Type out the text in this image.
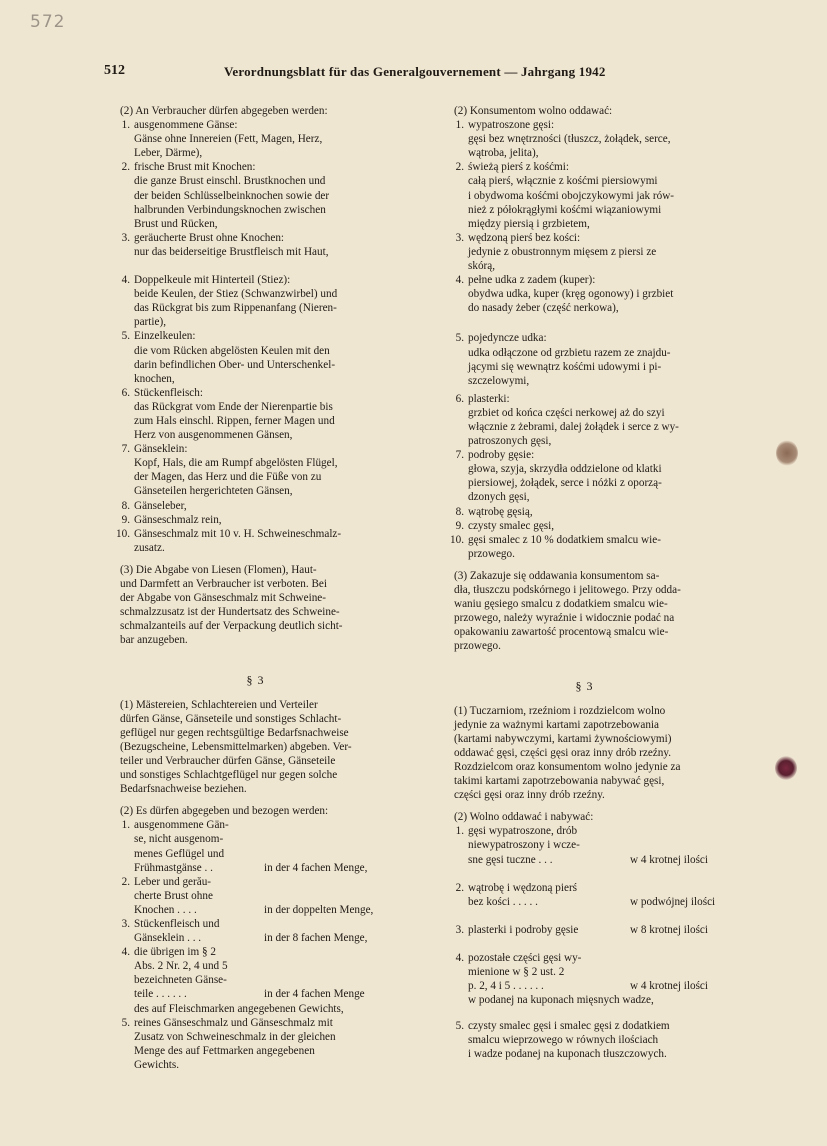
572
512	Verordnungsblatt für das Generalgouvernement — Jahrgang 1942
(2) An Verbraucher dürfen abgegeben werden:
1. ausgenommene Gänse:
Gänse ohne Innereien (Fett, Magen, Herz,
Leber, Därme),
2. frische Brust mit Knochen:
die ganze Brust einschl. Brustknochen und
der beiden Schlüsselbeinknochen sowie der
halbrunden Verbindungsknochen zwischen
Brust und Rücken,
3. geräucherte Brust ohne Knochen:
nur das beiderseitige Brustfleisch mit Haut,
4. Doppelkeule mit Hinterteil (Stiez):
beide Keulen, der Stiez (Schwanzwirbel) und
das Rückgrat bis zum Rippenanfang (Nieren-
partie),
5. Einzelkeulen:
die vom Rücken abgelösten Keulen mit den
darin befindlichen Ober- und Unterschenkel-
knochen,
6. Stückenfleisch:
das Rückgrat vom Ende der Nierenpartie bis
zum Hals einschl. Rippen, ferner Magen und
Herz von ausgenommenen Gänsen,
7. Gänseklein:
Kopf, Hals, die am Rumpf abgelösten Flügel,
der Magen, das Herz und die Füße von zu
Gänseteilen hergerichteten Gänsen,
8. Gänseleber,
9. Gänseschmalz rein,
10. Gänseschmalz mit 10 v. H. Schweineschmalz-
zusatz.
(3) Die Abgabe von Liesen (Flomen), Haut-
und Darmfett an Verbraucher ist verboten. Bei
der Abgabe von Gänseschmalz mit Schweine-
schmalzzusatz ist der Hundertsatz des Schweine-
schmalzanteils auf der Verpackung deutlich sicht-
bar anzugeben.
§ 3
(1) Mästereien, Schlachtereien und Verteiler
dürfen Gänse, Gänseteile und sonstiges Schlacht-
geflügel nur gegen rechtsgültige Bedarfsnachweise
(Bezugscheine, Lebensmittelmarken) abgeben. Ver-
teiler und Verbraucher dürfen Gänse, Gänseteile
und sonstiges Schlachtgeflügel nur gegen solche
Bedarfsnachweise beziehen.
(2) Es dürfen abgegeben und bezogen werden:
1. ausgenommene Gän-
se, nicht ausgenom-
menes Geflügel und
Frühmastgänse . .	in der 4 fachen Menge,
2. Leber und gerău-
cherte Brust ohne
Knochen . . . .	in der doppelten Menge,
3. Stückenfleisch und
Gänseklein . . .	in der 8 fachen Menge,
4. die übrigen im § 2
Abs. 2 Nr. 2, 4 und 5
bezeichneten Gänse-
teile . . . . . .	in der 4 fachen Menge
des auf Fleischmarken angegebenen Gewichts,
5. reines Gänseschmalz und Gänseschmalz mit
Zusatz von Schweineschmalz in der gleichen
Menge des auf Fettmarken angegebenen
Gewichts.
(2) Konsumentom wolno oddawać:
1. wypatroszone gęsi:
gęsi bez wnętrzności (tłuszcz, żołądek, serce,
wątroba, jelita),
2. świeżą pierś z kośćmi:
całą pierś, włącznie z kośćmi piersiowymi
i obydwoma kośćmi obojczykowymi jak rów-
nież z półokrągłymi kośćmi wiązaniowymi
między piersią i grzbietem,
3. wędzoną pierś bez kości:
jedynie z obustronnym mięsem z piersi ze
skórą,
4. pełne udka z zadem (kuper):
obydwa udka, kuper (kręg ogonowy) i grzbiet
do nasady żeber (część nerkowa),
5. pojedyncze udka:
udka odłączone od grzbietu razem ze znajdu-
jącymi się wewnątrz kośćmi udowymi i pi-
szczelowymi,
6. plasterki:
grzbiet od końca części nerkowej aż do szyi
włącznie z żebrami, dalej żołądek i serce z wy-
patroszonych gęsi,
7. podroby gęsie:
głowa, szyja, skrzydła oddzielone od klatki
piersiowej, żołądek, serce i nóżki z oporzą-
dzonych gęsi,
8. wątrobę gęsią,
9. czysty smalec gęsi,
10. gęsi smalec z 10 % dodatkiem smalcu wie-
przowego.
(3) Zakazuje się oddawania konsumentom sa-
dła, tłuszczu podskórnego i jelitowego. Przy odda-
waniu gęsiego smalcu z dodatkiem smalcu wie-
przowego, należy wyraźnie i widocznie podać na
opakowaniu zawartość procentową smalcu wie-
przowego.
§ 3
(1) Tuczarniom, rzeźniom i rozdzielcom wolno
jedynie za ważnymi kartami zapotrzebowania
(kartami nabywczymi, kartami żywnościowymi)
oddawać gęsi, części gęsi oraz inny drób rzeźny.
Rozdzielcom oraz konsumentom wolno jedynie za
takimi kartami zapotrzebowania nabywać gęsi,
części gęsi oraz inny drób rzeźny.
(2) Wolno oddawać i nabywać:
1. gęsi wypatroszone, drób
niewypatroszony i wcze-
sne gęsi tuczne . . .	w 4 krotnej ilości
2. wątrobę i wędzoną pierś
bez kości . . . . .	w podwójnej ilości
3. plasterki i podroby gęsie	w 8 krotnej ilości
4. pozostałe części gęsi wy-
mienione w § 2 ust. 2
p. 2, 4 i 5 . . . . . .	w 4 krotnej ilości
w podanej na kuponach mięsnych wadze,
5. czysty smalec gęsi i smalec gęsi z dodatkiem
smalcu wieprzowego w równych ilościach
i wadze podanej na kuponach tłuszczowych.
